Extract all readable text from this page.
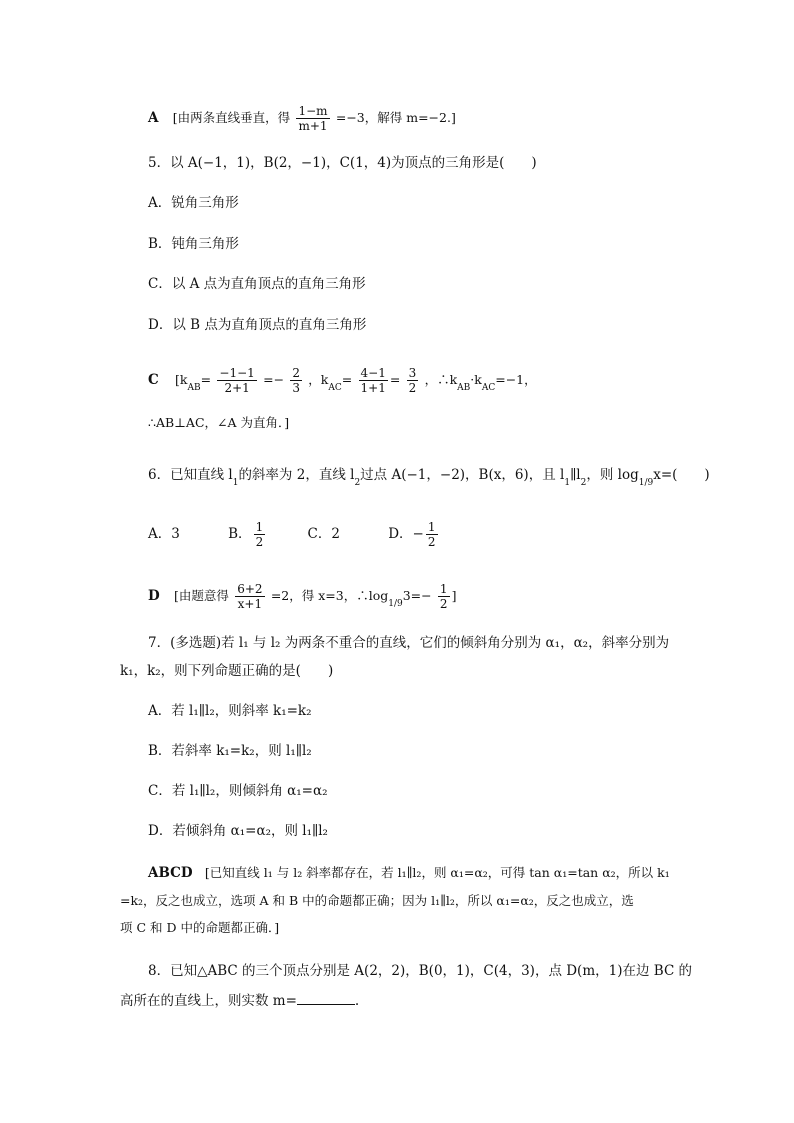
A [由两条直线垂直，得 $\frac{1-m}{m+1} =-3$，解得 m=−2.]
5．以 A(−1，1)，B(2，−1)，C(1，4)为顶点的三角形是(　　)
A．锐角三角形
B．钝角三角形
C．以 A 点为直角顶点的直角三角形
D．以 B 点为直角顶点的直角三角形
C [$k_{AB}= \frac{-1-1}{2+1} =- \frac{2}{3}$ ，$k_{AC}= \frac{4-1}{1+1} = \frac{3}{2}$ ，$\therefore k_{AB}\cdot k_{AC}=-1$，
∴AB⊥AC，∠A 为直角．]
6．已知直线 $l_1$的斜率为 2，直线 $l_2$过点 A(−1，−2)，B(x，6)，且 $l_1\parallel l_2$，则 $\log_{1/9}x=$(　　)
A．3	B． $\frac{1}{2}$	C．2	D．− $\frac{1}{2}$
D [由题意得 $\frac{6+2}{x+1} =2$，得 x=3，$\therefore\log_{1/9}3=- \frac{1}{2}$ ]
7．(多选题)若 l₁ 与 l₂ 为两条不重合的直线，它们的倾斜角分别为 α₁，α₂，斜率分别为
k₁，k₂，则下列命题正确的是(　　)
A．若 l₁∥l₂，则斜率 k₁=k₂
B．若斜率 k₁=k₂，则 l₁∥l₂
C．若 l₁∥l₂，则倾斜角 α₁=α₂
D．若倾斜角 α₁=α₂，则 l₁∥l₂
ABCD [已知直线 l₁ 与 l₂ 斜率都存在，若 l₁∥l₂，则 α₁=α₂，可得 tan α₁=tan α₂，所以 k₁
=k₂，反之也成立，选项 A 和 B 中的命题都正确；因为 l₁∥l₂，所以 α₁=α₂，反之也成立，选
项 C 和 D 中的命题都正确．]
8．已知△ABC 的三个顶点分别是 A(2，2)，B(0，1)，C(4，3)，点 D(m，1)在边 BC 的
高所在的直线上，则实数 m=	.
